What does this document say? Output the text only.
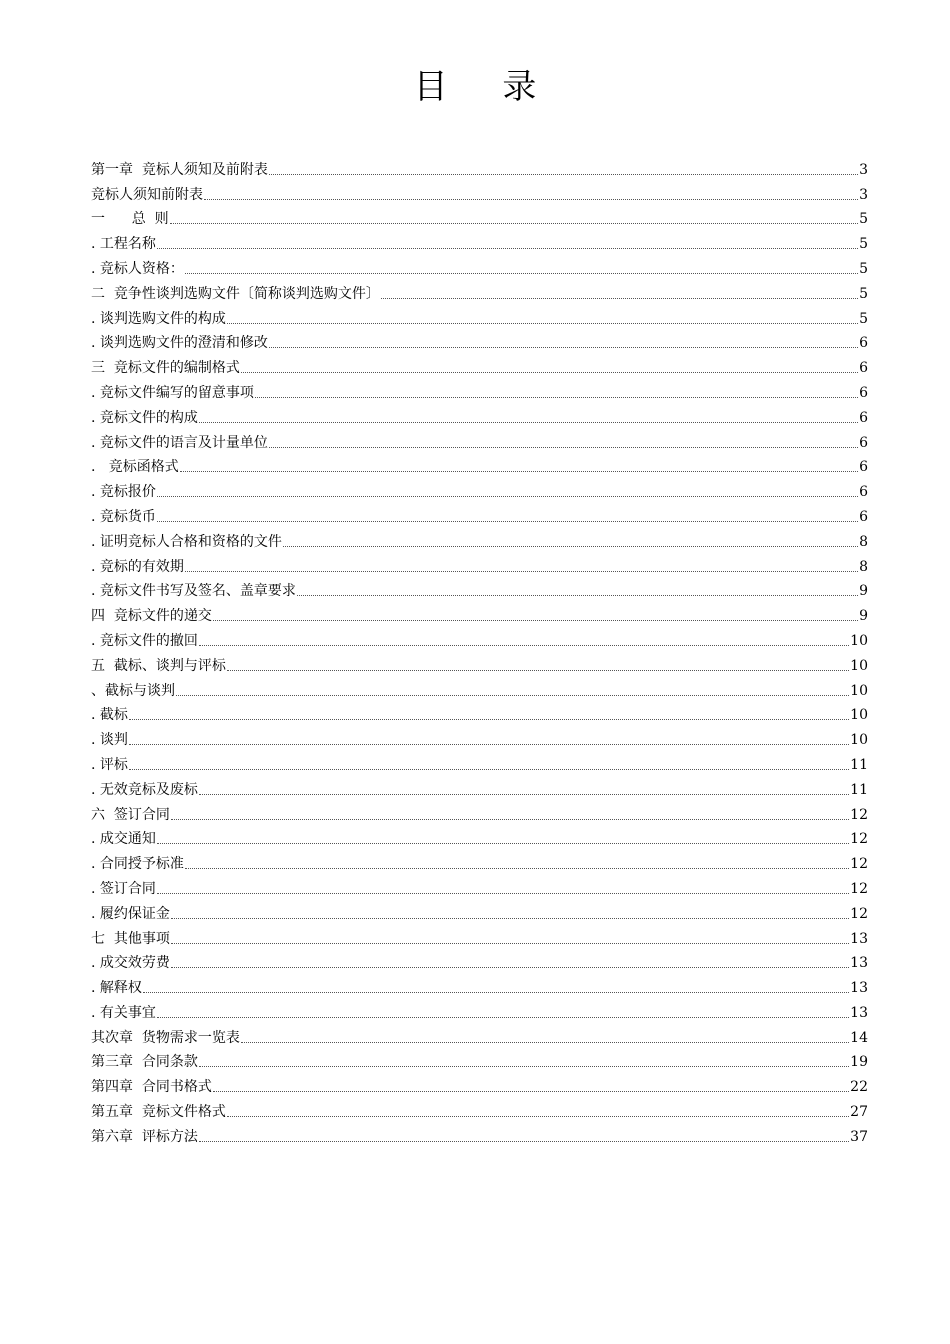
目 录
第一章  竞标人须知及前附表	3
竞标人须知前附表	3
一      总  则	5
. 工程名称	5
. 竞标人资格：	5
二  竞争性谈判选购文件〔简称谈判选购文件〕	5
. 谈判选购文件的构成	5
. 谈判选购文件的澄清和修改	6
三  竞标文件的编制格式	6
. 竞标文件编写的留意事项	6
. 竞标文件的构成	6
. 竞标文件的语言及计量单位	6
.   竞标函格式	6
. 竞标报价	6
. 竞标货币	6
. 证明竞标人合格和资格的文件	8
. 竞标的有效期	8
. 竞标文件书写及签名、盖章要求	9
四  竞标文件的递交	9
. 竞标文件的撤回	10
五  截标、谈判与评标	10
、截标与谈判	10
. 截标	10
. 谈判	10
. 评标	11
. 无效竞标及废标	11
六  签订合同	12
. 成交通知	12
. 合同授予标准	12
. 签订合同	12
. 履约保证金	12
七  其他事项	13
. 成交效劳费	13
. 解释权	13
. 有关事宜	13
其次章  货物需求一览表	14
第三章  合同条款	19
第四章  合同书格式	22
第五章  竞标文件格式	27
第六章  评标方法	37
